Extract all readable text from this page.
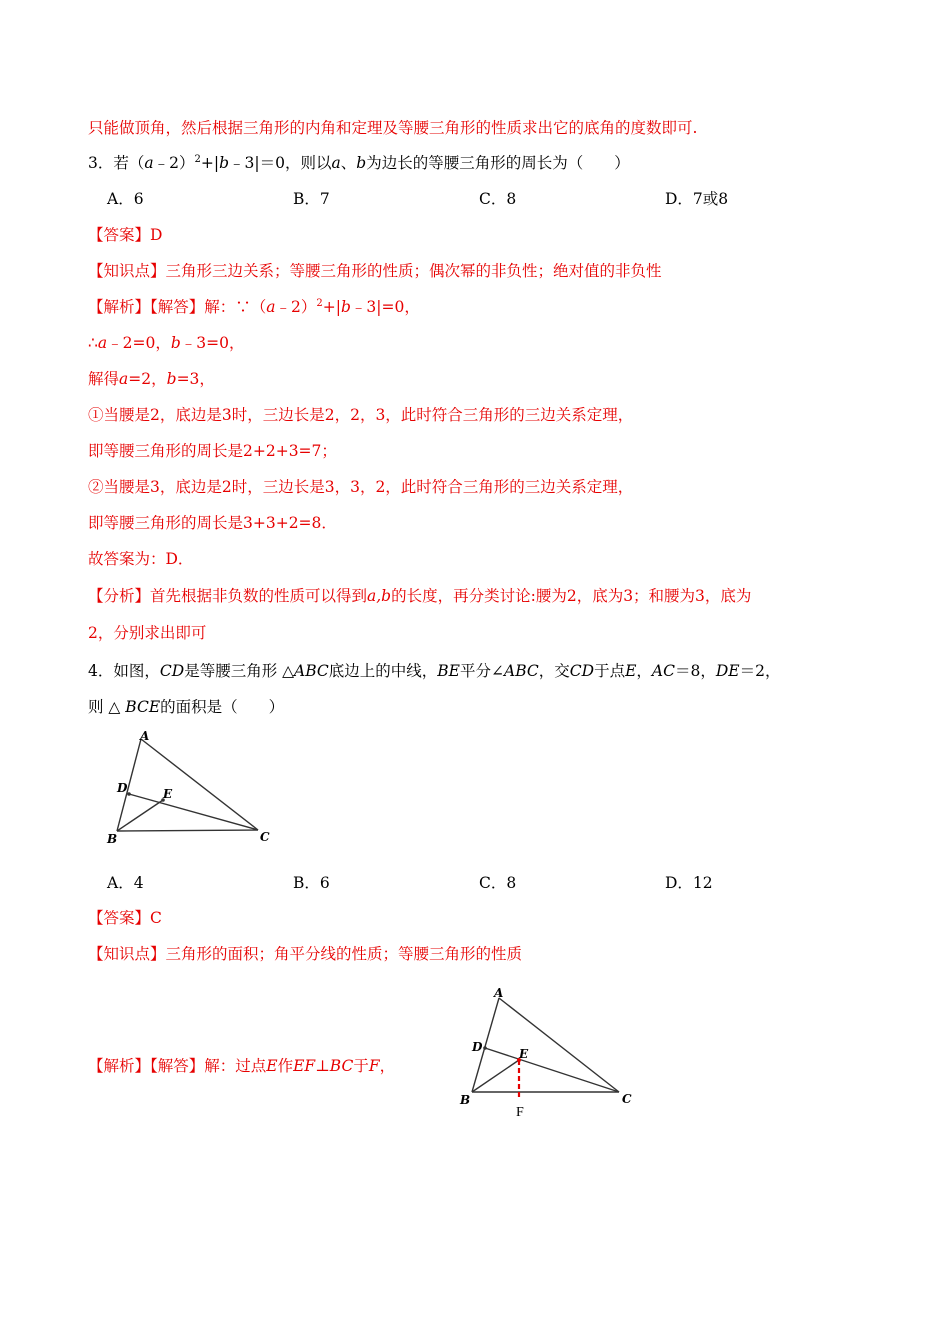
只能做顶角，然后根据三角形的内角和定理及等腰三角形的性质求出它的底角的度数即可.
3．若（a﹣2）$^2$+|b﹣3|＝0，则以a、b为边长的等腰三角形的周长为（　　）
A．6	B．7	C．8	D．7或8
【答案】D
【知识点】三角形三边关系；等腰三角形的性质；偶次幂的非负性；绝对值的非负性
【解析】【解答】解：∵（a﹣2）$^2$+|b﹣3|=0，
∴a﹣2=0，b﹣3=0，
解得a=2，b=3，
①当腰是2，底边是3时，三边长是2，2，3，此时符合三角形的三边关系定理，
即等腰三角形的周长是2+2+3=7；
②当腰是3，底边是2时，三边长是3，3，2，此时符合三角形的三边关系定理，
即等腰三角形的周长是3+3+2=8．
故答案为：D．
【分析】首先根据非负数的性质可以得到a,b的长度，再分类讨论:腰为2，底为3；和腰为3，底为
2，分别求出即可
4．如图，CD是等腰三角形 △ABC底边上的中线，BE平分∠ABC，交CD于点E，AC＝8，DE＝2，
则 △ BCE的面积是（　　）
A
D	E
B	C
A．4	B．6	C．8	D．12
【答案】C
【知识点】三角形的面积；角平分线的性质；等腰三角形的性质
【解析】【解答】解：过点E作EF⊥BC于F，
A
D	E
B	C
F
